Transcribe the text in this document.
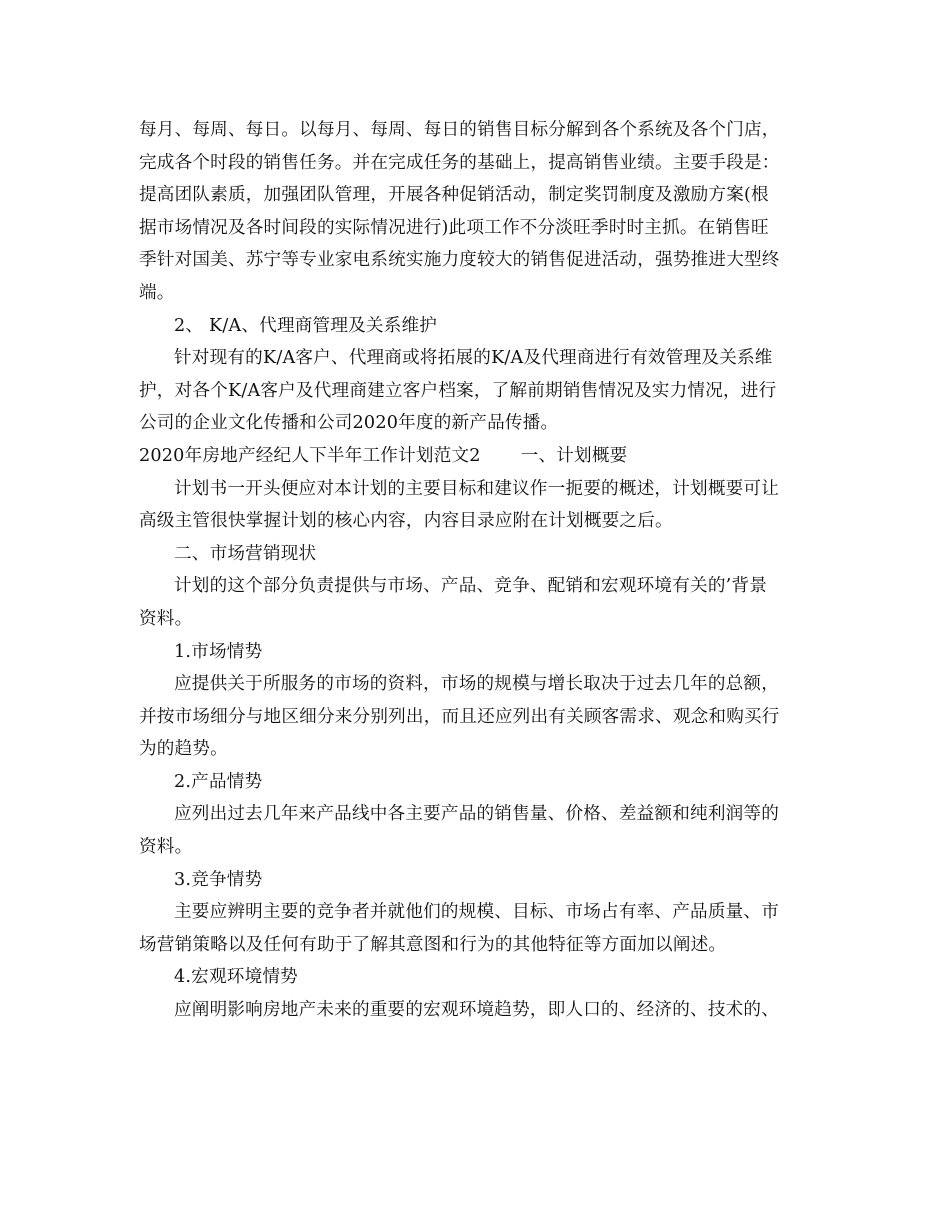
每月、每周、每日。以每月、每周、每日的销售目标分解到各个系统及各个门店，
完成各个时段的销售任务。并在完成任务的基础上，提高销售业绩。主要手段是：
提高团队素质，加强团队管理，开展各种促销活动，制定奖罚制度及激励方案(根
据市场情况及各时间段的实际情况进行)此项工作不分淡旺季时时主抓。在销售旺
季针对国美、苏宁等专业家电系统实施力度较大的销售促进活动，强势推进大型终
端。
2、 K/A、代理商管理及关系维护
针对现有的K/A客户、代理商或将拓展的K/A及代理商进行有效管理及关系维
护，对各个K/A客户及代理商建立客户档案，了解前期销售情况及实力情况，进行
公司的企业文化传播和公司2020年度的新产品传播。
2020年房地产经纪人下半年工作计划范文2 一、计划概要
计划书一开头便应对本计划的主要目标和建议作一扼要的概述，计划概要可让
高级主管很快掌握计划的核心内容，内容目录应附在计划概要之后。
二、市场营销现状
计划的这个部分负责提供与市场、产品、竞争、配销和宏观环境有关的’背景
资料。
1.市场情势
应提供关于所服务的市场的资料，市场的规模与增长取决于过去几年的总额，
并按市场细分与地区细分来分别列出，而且还应列出有关顾客需求、观念和购买行
为的趋势。
2.产品情势
应列出过去几年来产品线中各主要产品的销售量、价格、差益额和纯利润等的
资料。
3.竞争情势
主要应辨明主要的竞争者并就他们的规模、目标、市场占有率、产品质量、市
场营销策略以及任何有助于了解其意图和行为的其他特征等方面加以阐述。
4.宏观环境情势
应阐明影响房地产未来的重要的宏观环境趋势，即人口的、经济的、技术的、
